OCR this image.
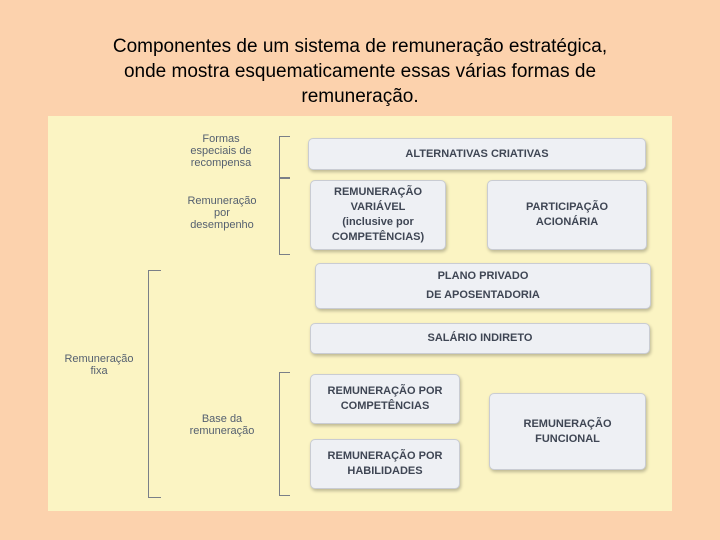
Componentes de um sistema de remuneração estratégica,
onde mostra esquematicamente essas várias formas de
remuneração.
Formas
especiais de
recompensa
Remuneração
por
desempenho
Remuneração
fixa
Base da
remuneração
ALTERNATIVAS CRIATIVAS
REMUNERAÇÃO
VARIÁVEL
(inclusive por
COMPETÊNCIAS)
PARTICIPAÇÃO
ACIONÁRIA
PLANO PRIVADO
DE APOSENTADORIA
SALÁRIO INDIRETO
REMUNERAÇÃO POR
COMPETÊNCIAS
REMUNERAÇÃO POR
HABILIDADES
REMUNERAÇÃO
FUNCIONAL
